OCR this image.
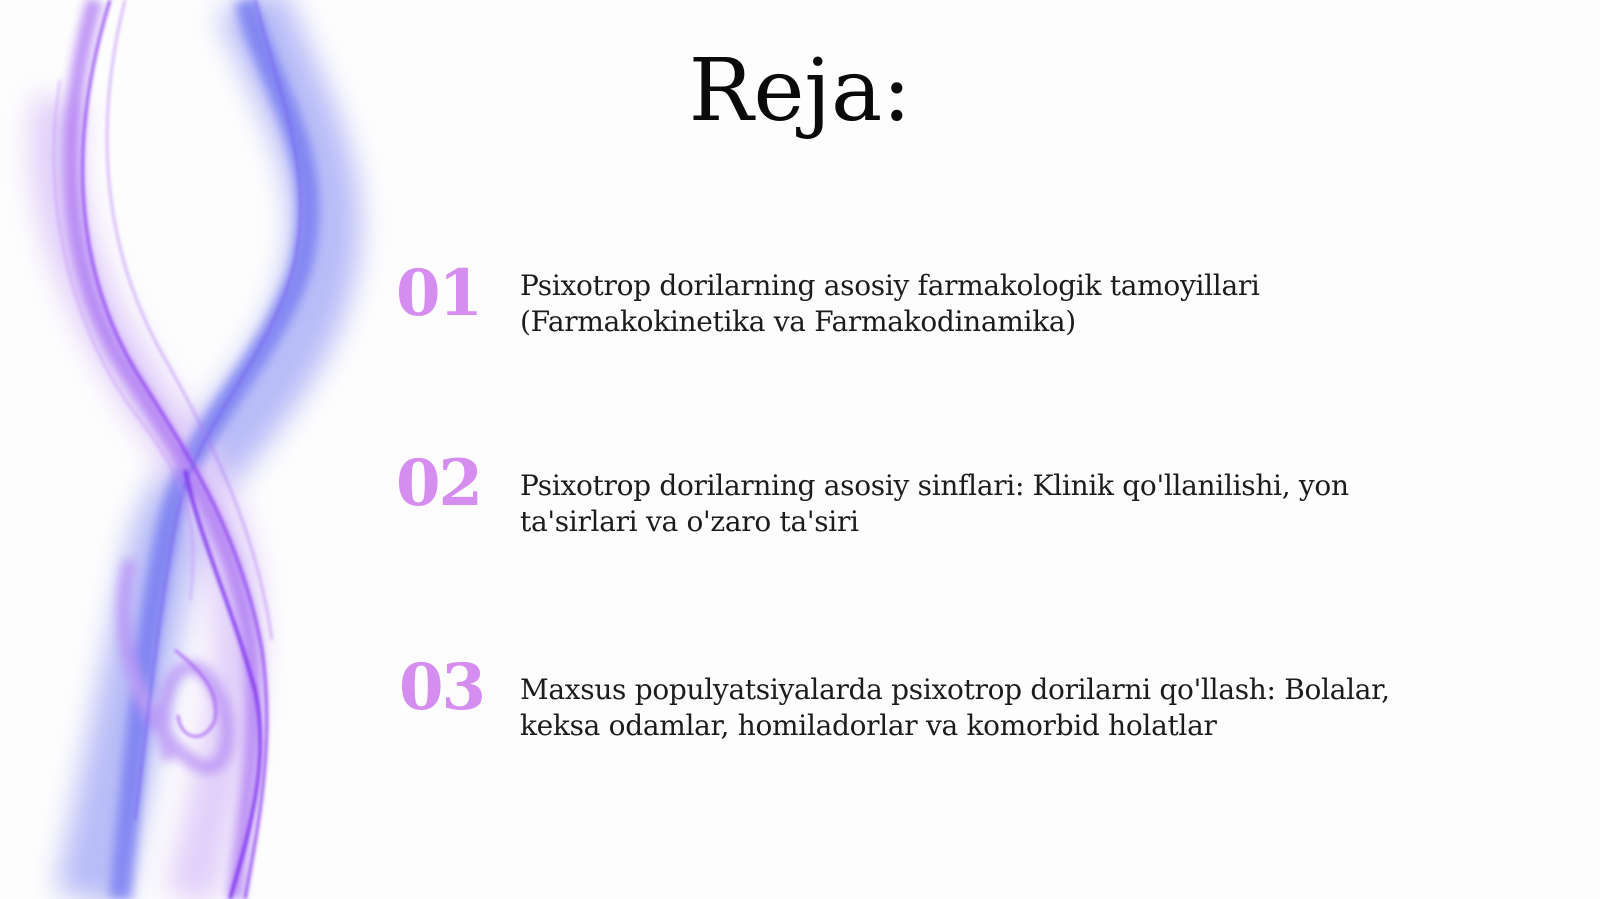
Reja:
01 Psixotrop dorilarning asosiy farmakologik tamoyillari
(Farmakokinetika va Farmakodinamika)
02 Psixotrop dorilarning asosiy sinflari: Klinik qo'llanilishi, yon
ta'sirlari va o'zaro ta'siri
03 Maxsus populyatsiyalarda psixotrop dorilarni qo'llash: Bolalar,
keksa odamlar, homiladorlar va komorbid holatlar
